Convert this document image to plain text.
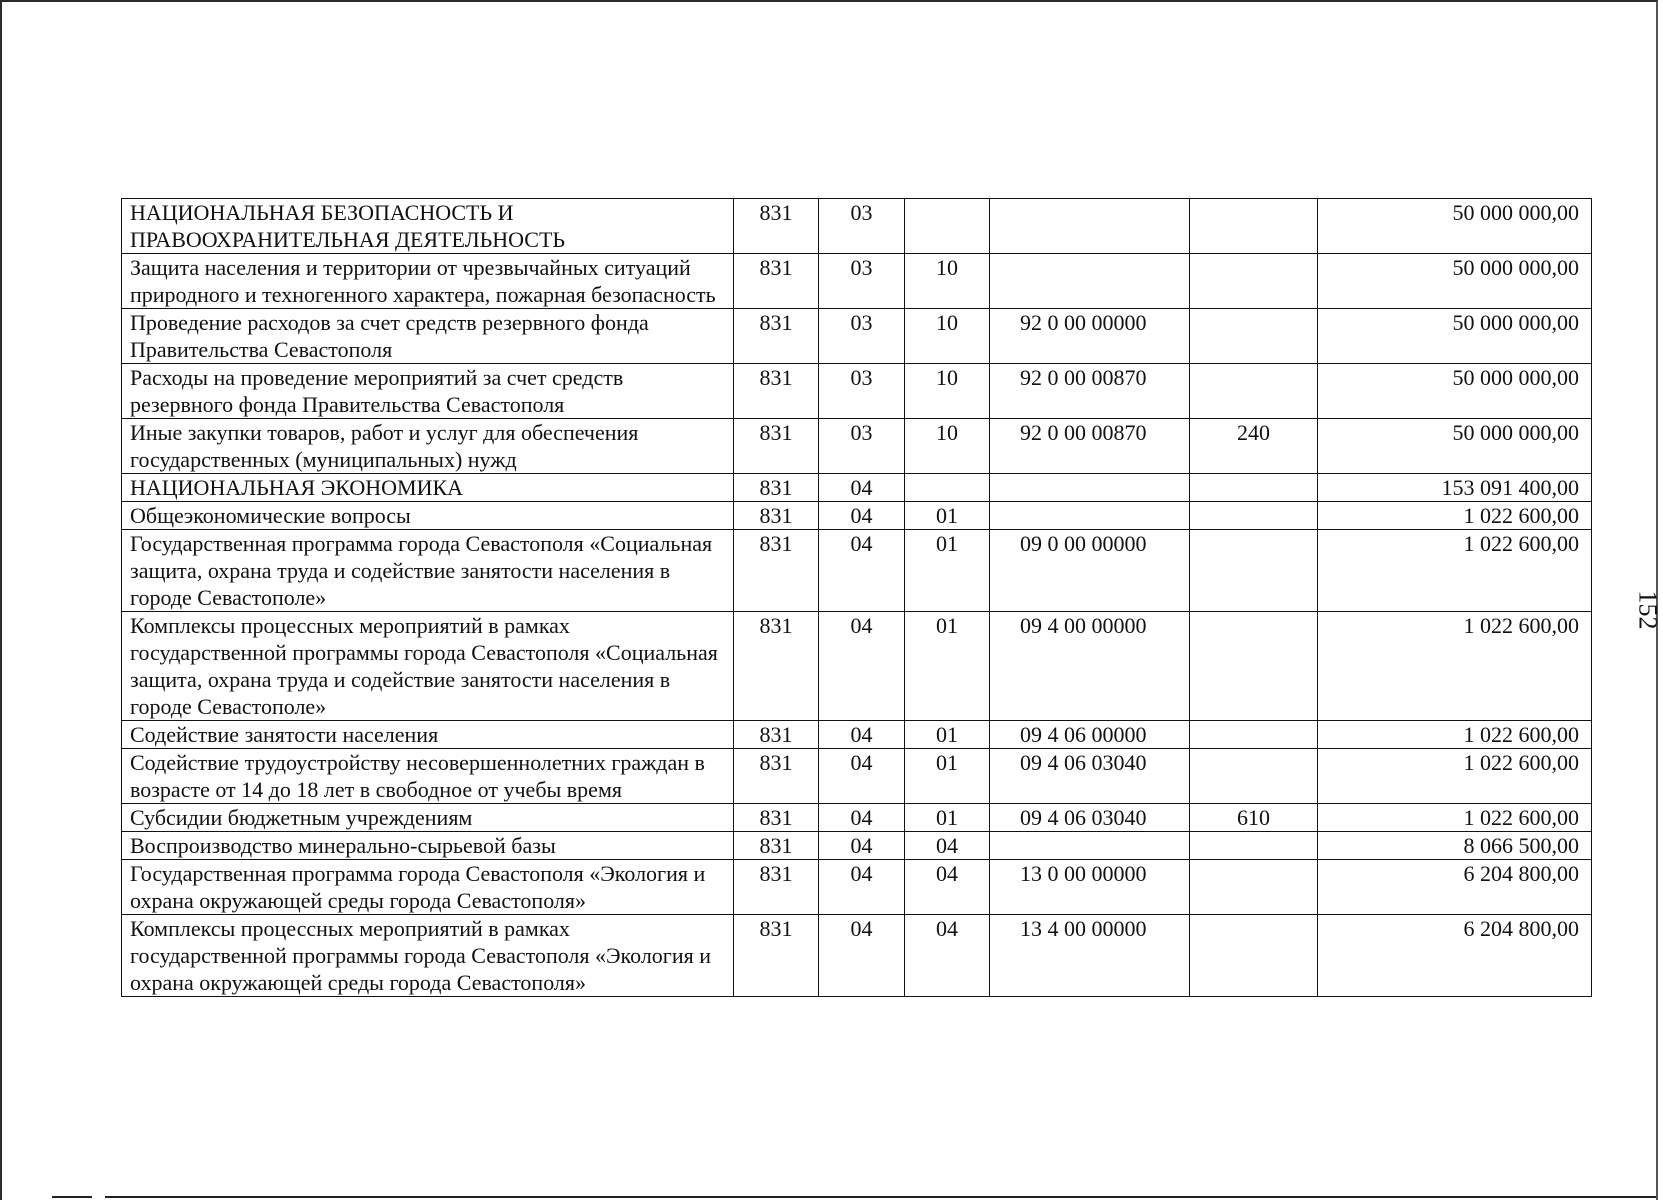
НАЦИОНАЛЬНАЯ БЕЗОПАСНОСТЬ И ПРАВООХРАНИТЕЛЬНАЯ ДЕЯТЕЛЬНОСТЬ	831	03				50 000 000,00
Защита населения и территории от чрезвычайных ситуаций природного и техногенного характера, пожарная безопасность	831	03	10			50 000 000,00
Проведение расходов за счет средств резервного фонда Правительства Севастополя	831	03	10	92 0 00 00000		50 000 000,00
Расходы на проведение мероприятий за счет средств резервного фонда Правительства Севастополя	831	03	10	92 0 00 00870		50 000 000,00
Иные закупки товаров, работ и услуг для обеспечения государственных (муниципальных) нужд	831	03	10	92 0 00 00870	240	50 000 000,00
НАЦИОНАЛЬНАЯ ЭКОНОМИКА	831	04				153 091 400,00
Общеэкономические вопросы	831	04	01			1 022 600,00
Государственная программа города Севастополя «Социальная защита, охрана труда и содействие занятости населения в городе Севастополе»	831	04	01	09 0 00 00000		1 022 600,00
Комплексы процессных мероприятий в рамках государственной программы города Севастополя «Социальная защита, охрана труда и содействие занятости населения в городе Севастополе»	831	04	01	09 4 00 00000		1 022 600,00
Содействие занятости населения	831	04	01	09 4 06 00000		1 022 600,00
Содействие трудоустройству несовершеннолетних граждан в возрасте от 14 до 18 лет в свободное от учебы время	831	04	01	09 4 06 03040		1 022 600,00
Субсидии бюджетным учреждениям	831	04	01	09 4 06 03040	610	1 022 600,00
Воспроизводство минерально-сырьевой базы	831	04	04			8 066 500,00
Государственная программа города Севастополя «Экология и охрана окружающей среды города Севастополя»	831	04	04	13 0 00 00000		6 204 800,00
Комплексы процессных мероприятий в рамках государственной программы города Севастополя «Экология и охрана окружающей среды города Севастополя»	831	04	04	13 4 00 00000		6 204 800,00
152
